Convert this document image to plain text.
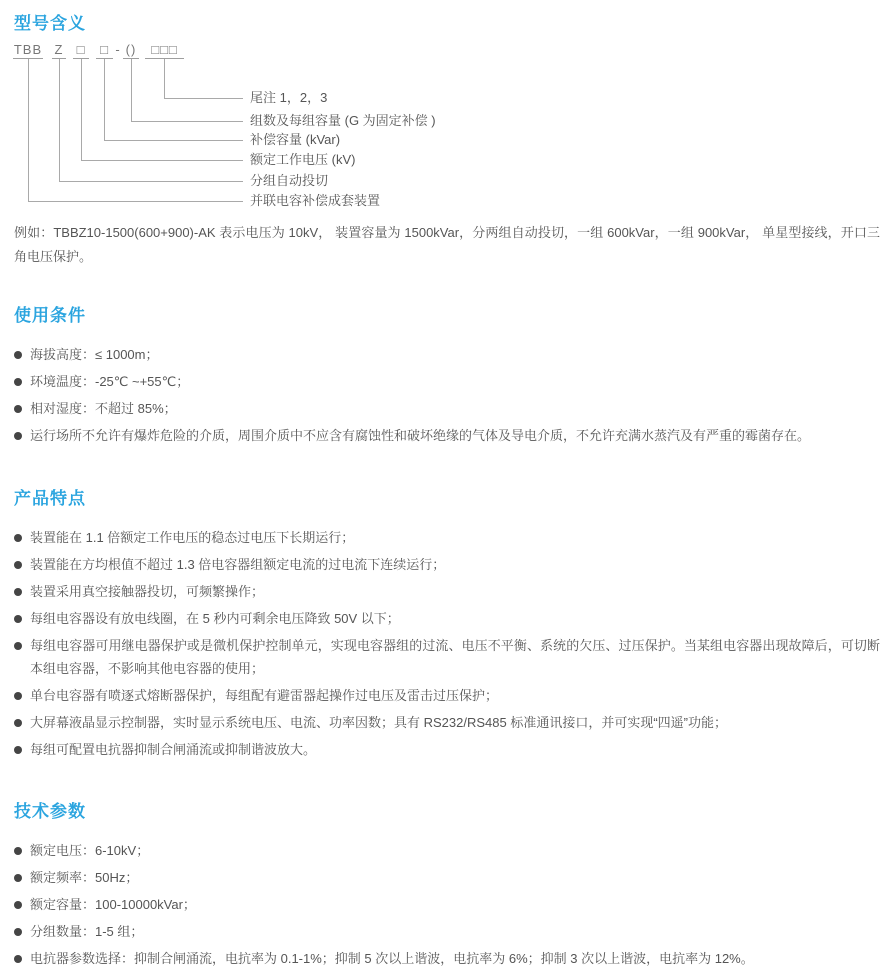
型号含义
TBB Z □	□ - ()	□□□
尾注 1，2，3
组数及每组容量 (G 为固定补偿 )
补偿容量 (kVar)
额定工作电压 (kV)
分组自动投切
并联电容补偿成套装置

例如：TBBZ10-1500(600+900)-AK 表示电压为 10kV， 装置容量为 1500kVar，分两组自动投切，一组 600kVar，一组 900kVar， 单星型接线，开口三角电压保护。

使用条件
海拔高度：≤ 1000m；
环境温度：-25℃ ~+55℃；
相对湿度：不超过 85%；
运行场所不允许有爆炸危险的介质，周围介质中不应含有腐蚀性和破坏绝缘的气体及导电介质，不允许充满水蒸汽及有严重的霉菌存在。
产品特点
装置能在 1.1 倍额定工作电压的稳态过电压下长期运行；
装置能在方均根值不超过 1.3 倍电容器组额定电流的过电流下连续运行；
装置采用真空接触器投切，可频繁操作；
每组电容器设有放电线圈，在 5 秒内可剩余电压降致 50V 以下；
每组电容器可用继电器保护或是微机保护控制单元，实现电容器组的过流、电压不平衡、系统的欠压、过压保护。当某组电容器出现故障后，可切断本组电容器，不影响其他电容器的使用；
单台电容器有喷逐式熔断器保护，每组配有避雷器起操作过电压及雷击过压保护；
大屏幕液晶显示控制器，实时显示系统电压、电流、功率因数；具有 RS232/RS485 标准通讯接口，并可实现“四遥”功能；
每组可配置电抗器抑制合闸涌流或抑制谐波放大。
技术参数
额定电压：6-10kV；
额定频率：50Hz；
额定容量：100-10000kVar；
分组数量：1-5 组；
电抗器参数选择：抑制合闸涌流，电抗率为 0.1-1%；抑制 5 次以上谐波，电抗率为 6%；抑制 3 次以上谐波，电抗率为 12%。
